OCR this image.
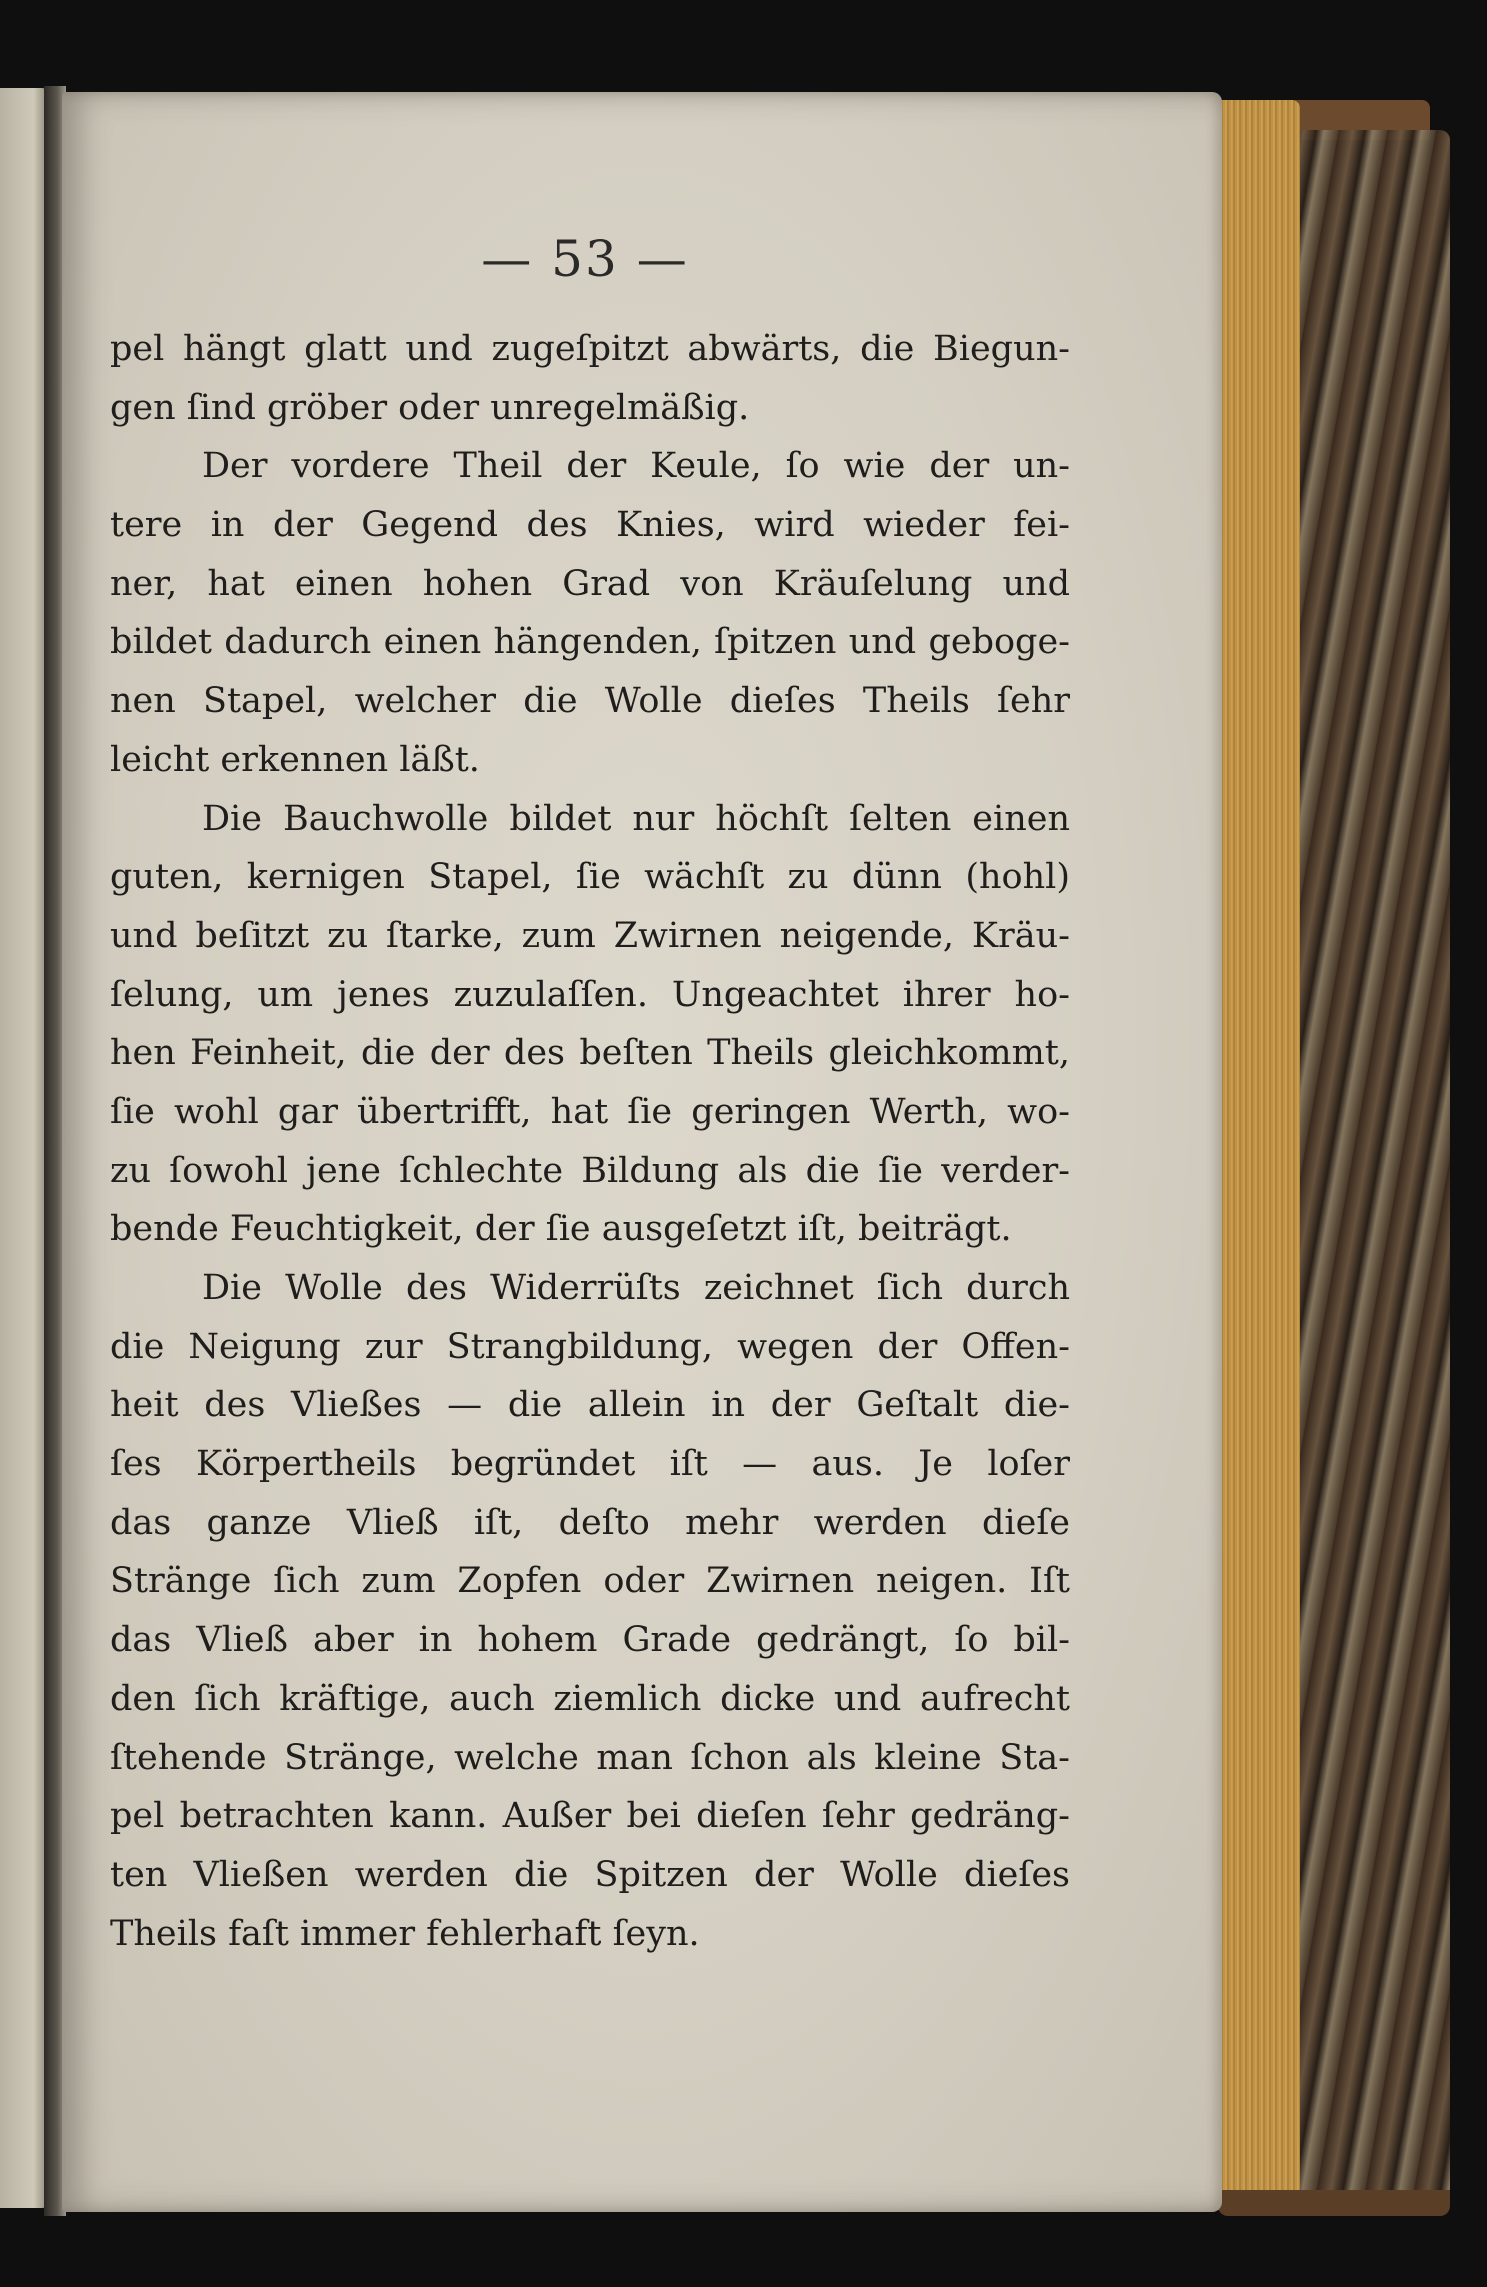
— 53 —
pel hängt glatt und zugeſpitzt abwärts, die Biegun-
gen ſind gröber oder unregelmäßig.
Der vordere Theil der Keule, ſo wie der un-
tere in der Gegend des Knies, wird wieder fei-
ner, hat einen hohen Grad von Kräuſelung und
bildet dadurch einen hängenden, ſpitzen und geboge-
nen Stapel, welcher die Wolle dieſes Theils ſehr
leicht erkennen läßt.
Die Bauchwolle bildet nur höchſt ſelten einen
guten, kernigen Stapel, ſie wächſt zu dünn (hohl)
und beſitzt zu ſtarke, zum Zwirnen neigende, Kräu-
ſelung, um jenes zuzulaſſen. Ungeachtet ihrer ho-
hen Feinheit, die der des beſten Theils gleichkommt,
ſie wohl gar übertrifft, hat ſie geringen Werth, wo-
zu ſowohl jene ſchlechte Bildung als die ſie verder-
bende Feuchtigkeit, der ſie ausgeſetzt iſt, beiträgt.
Die Wolle des Widerrüſts zeichnet ſich durch
die Neigung zur Strangbildung, wegen der Offen-
heit des Vließes — die allein in der Geſtalt die-
ſes Körpertheils begründet iſt — aus. Je loſer
das ganze Vließ iſt, deſto mehr werden dieſe
Stränge ſich zum Zopfen oder Zwirnen neigen. Iſt
das Vließ aber in hohem Grade gedrängt, ſo bil-
den ſich kräftige, auch ziemlich dicke und aufrecht
ſtehende Stränge, welche man ſchon als kleine Sta-
pel betrachten kann. Außer bei dieſen ſehr gedräng-
ten Vließen werden die Spitzen der Wolle dieſes
Theils faſt immer fehlerhaft ſeyn.
